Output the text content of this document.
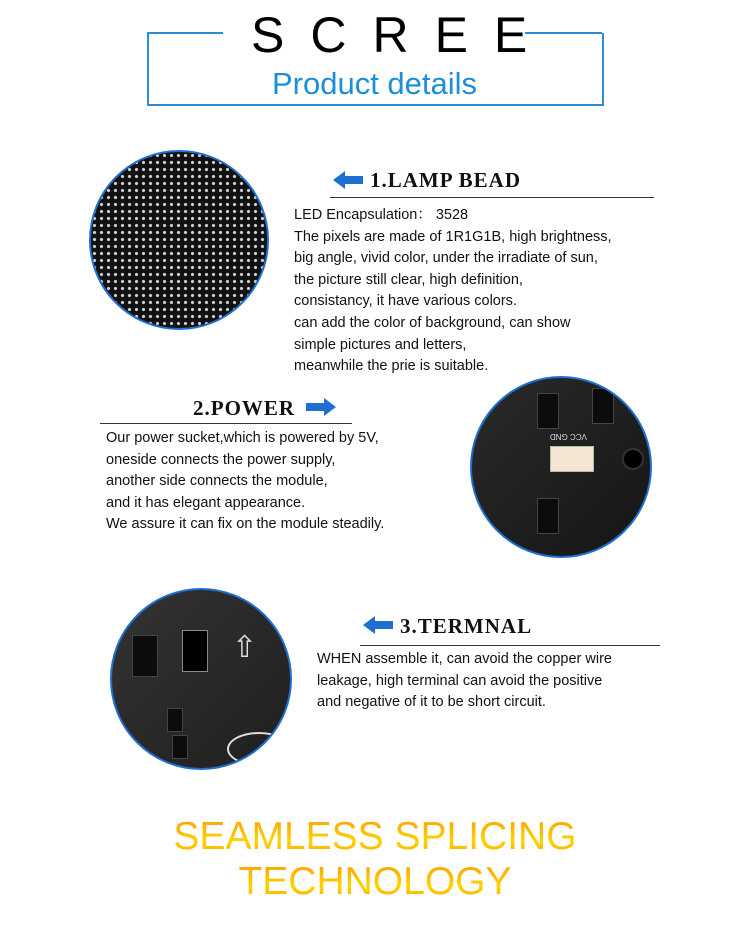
SCREE
Product details
1.LAMP BEAD
LED Encapsulation： 3528
The pixels are made of 1R1G1B, high brightness,
big angle, vivid color, under the irradiate of sun,
the picture still clear, high definition,
consistancy, it have various colors.
can add the color of background, can show
simple pictures and letters,
meanwhile the prie is suitable.
2.POWER
Our power sucket,which is powered by 5V,
oneside connects the power supply,
another side connects the module,
and it has elegant appearance.
We assure it can fix on the module steadily.
VCC GND
⇧
3.TERMNAL
WHEN assemble it, can avoid the copper wire
leakage, high terminal can avoid the positive
and negative of it to be short circuit.
SEAMLESS SPLICING
TECHNOLOGY
